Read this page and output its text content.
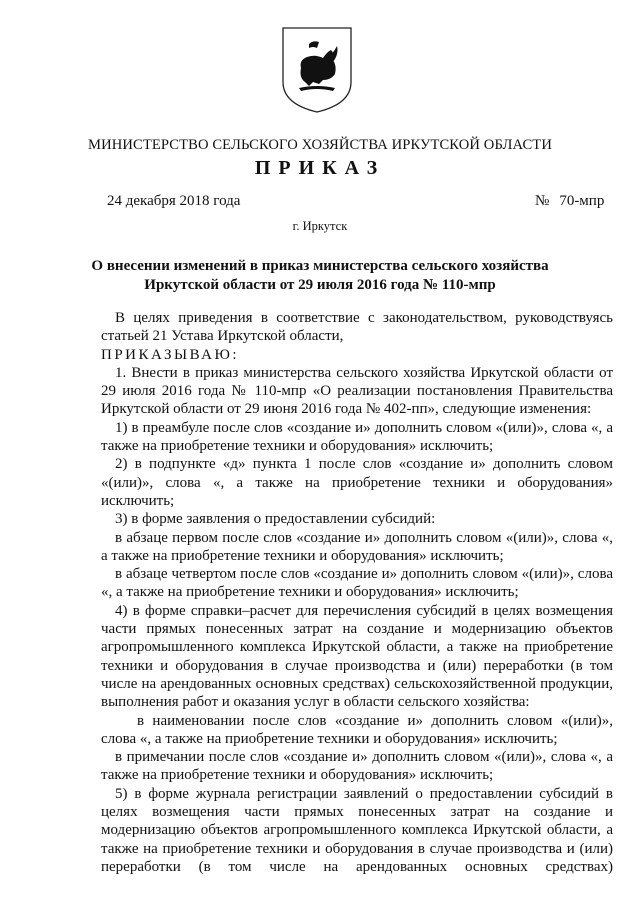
МИНИСТЕРСТВО СЕЛЬСКОГО ХОЗЯЙСТВА ИРКУТСКОЙ ОБЛАСТИ
ПРИКАЗ
24 декабря 2018 года	№ 70-мпр
г. Иркутск
О внесении изменений в приказ министерства сельского хозяйства
Иркутской области от 29 июля 2016 года № 110-мпр

В целях приведения в соответствие с законодательством, руководствуясь статьей 21 Устава Иркутской области,

ПРИКАЗЫВАЮ:

1. Внести в приказ министерства сельского хозяйства Иркутской области от 29 июля 2016 года № 110-мпр «О реализации постановления Правительства Иркутской области от 29 июня 2016 года № 402-пп», следующие изменения:

1) в преамбуле после слов «создание и» дополнить словом «(или)», слова «, а также на приобретение техники и оборудования» исключить;

2) в подпункте «д» пункта 1 после слов «создание и» дополнить словом «(или)», слова «, а также на приобретение техники и оборудования» исключить;

3) в форме заявления о предоставлении субсидий:

в абзаце первом после слов «создание и» дополнить словом «(или)», слова «, а также на приобретение техники и оборудования» исключить;

в абзаце четвертом после слов «создание и» дополнить словом «(или)», слова «, а также на приобретение техники и оборудования» исключить;

4) в форме справки–расчет для перечисления субсидий в целях возмещения части прямых понесенных затрат на создание и модернизацию объектов агропромышленного комплекса Иркутской области, а также на приобретение техники и оборудования в случае производства и (или) переработки (в том числе на арендованных основных средствах) сельскохозяйственной продукции, выполнения работ и оказания услуг в области сельского хозяйства:

в наименовании после слов «создание и» дополнить словом «(или)», слова «, а также на приобретение техники и оборудования» исключить;

в примечании после слов «создание и» дополнить словом «(или)», слова «, а также на приобретение техники и оборудования» исключить;

5) в форме журнала регистрации заявлений о предоставлении субсидий в целях возмещения части прямых понесенных затрат на создание и модернизацию объектов агропромышленного комплекса Иркутской области, а также на приобретение техники и оборудования в случае производства и (или) переработки (в том числе на арендованных основных средствах)
